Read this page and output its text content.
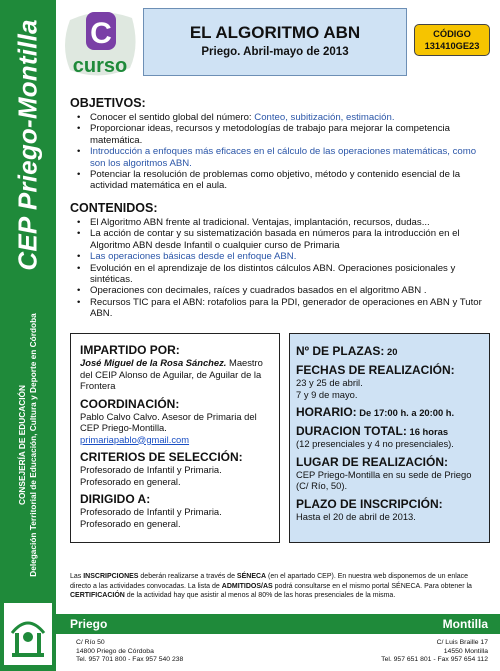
CEP Priego-Montilla
CONSEJERÍA DE EDUCACIÓN
Delegación Territorial de Educación, Cultura y Deporte en Córdoba
C
curso
EL ALGORITMO ABN
Priego. Abril-mayo de 2013
CÓDIGO
131410GE23
OBJETIVOS:
• Conocer el sentido global del número: Conteo, subitización, estimación.
• Proporcionar ideas, recursos y metodologías de trabajo para mejorar la competencia matemática.
• Introducción a enfoques más eficaces en el cálculo de las operaciones matemáticas, como son los algoritmos ABN.
• Potenciar la resolución de problemas como objetivo, método y contenido esencial de la actividad matemática en el aula.
CONTENIDOS:
• El Algoritmo ABN frente al tradicional. Ventajas, implantación, recursos, dudas...
• La acción de contar y su sistematización basada en números para la introducción en el Algoritmo ABN desde Infantil o cualquier curso de Primaria
• Las operaciones básicas desde el enfoque ABN.
• Evolución en el aprendizaje de los distintos cálculos ABN. Operaciones posicionales y sintéticas.
• Operaciones con decimales, raíces y cuadrados basados en el algoritmo ABN .
• Recursos TIC para el ABN: rotafolios para la PDI, generador de operaciones en ABN y Tutor ABN.
IMPARTIDO POR:
José Miguel de la Rosa Sánchez. Maestro del CEIP Alonso de Aguilar, de Aguilar de la Frontera
COORDINACIÓN:
Pablo Calvo Calvo. Asesor de Primaria del CEP Priego-Montilla.
primariapablo@gmail.com
CRITERIOS DE SELECCIÓN:
Profesorado de Infantil y Primaria.
Profesorado en general.
DIRIGIDO A:
Profesorado de Infantil y Primaria.
Profesorado en general.
Nº DE PLAZAS: 20
FECHAS DE REALIZACIÓN:
23 y 25 de abril.
7 y 9 de mayo.
HORARIO: De 17:00 h. a 20:00 h.
DURACION TOTAL: 16 horas
(12 presenciales y 4 no presenciales).
LUGAR DE REALIZACIÓN:
CEP Priego-Montilla en su sede de Priego (C/ Río, 50).
PLAZO DE INSCRIPCIÓN:
Hasta el 20 de abril de 2013.
Las INSCRIPCIONES deberán realizarse a través de SÉNECA (en el apartado CEP). En nuestra web disponemos de un enlace directo a las actividades convocadas. La lista de ADMITIDOS/AS podrá consultarse en el mismo portal SÉNECA. Para obtener la CERTIFICACIÓN de la actividad hay que asistir al menos al 80% de las horas presenciales de la misma.
Priego	Montilla
C/ Río 50
14800 Priego de Córdoba
Tel. 957 701 800 - Fax 957 540 238
C/ Luis Braille 17
14550 Montilla
Tel. 957 651 801 - Fax 957 654 112
